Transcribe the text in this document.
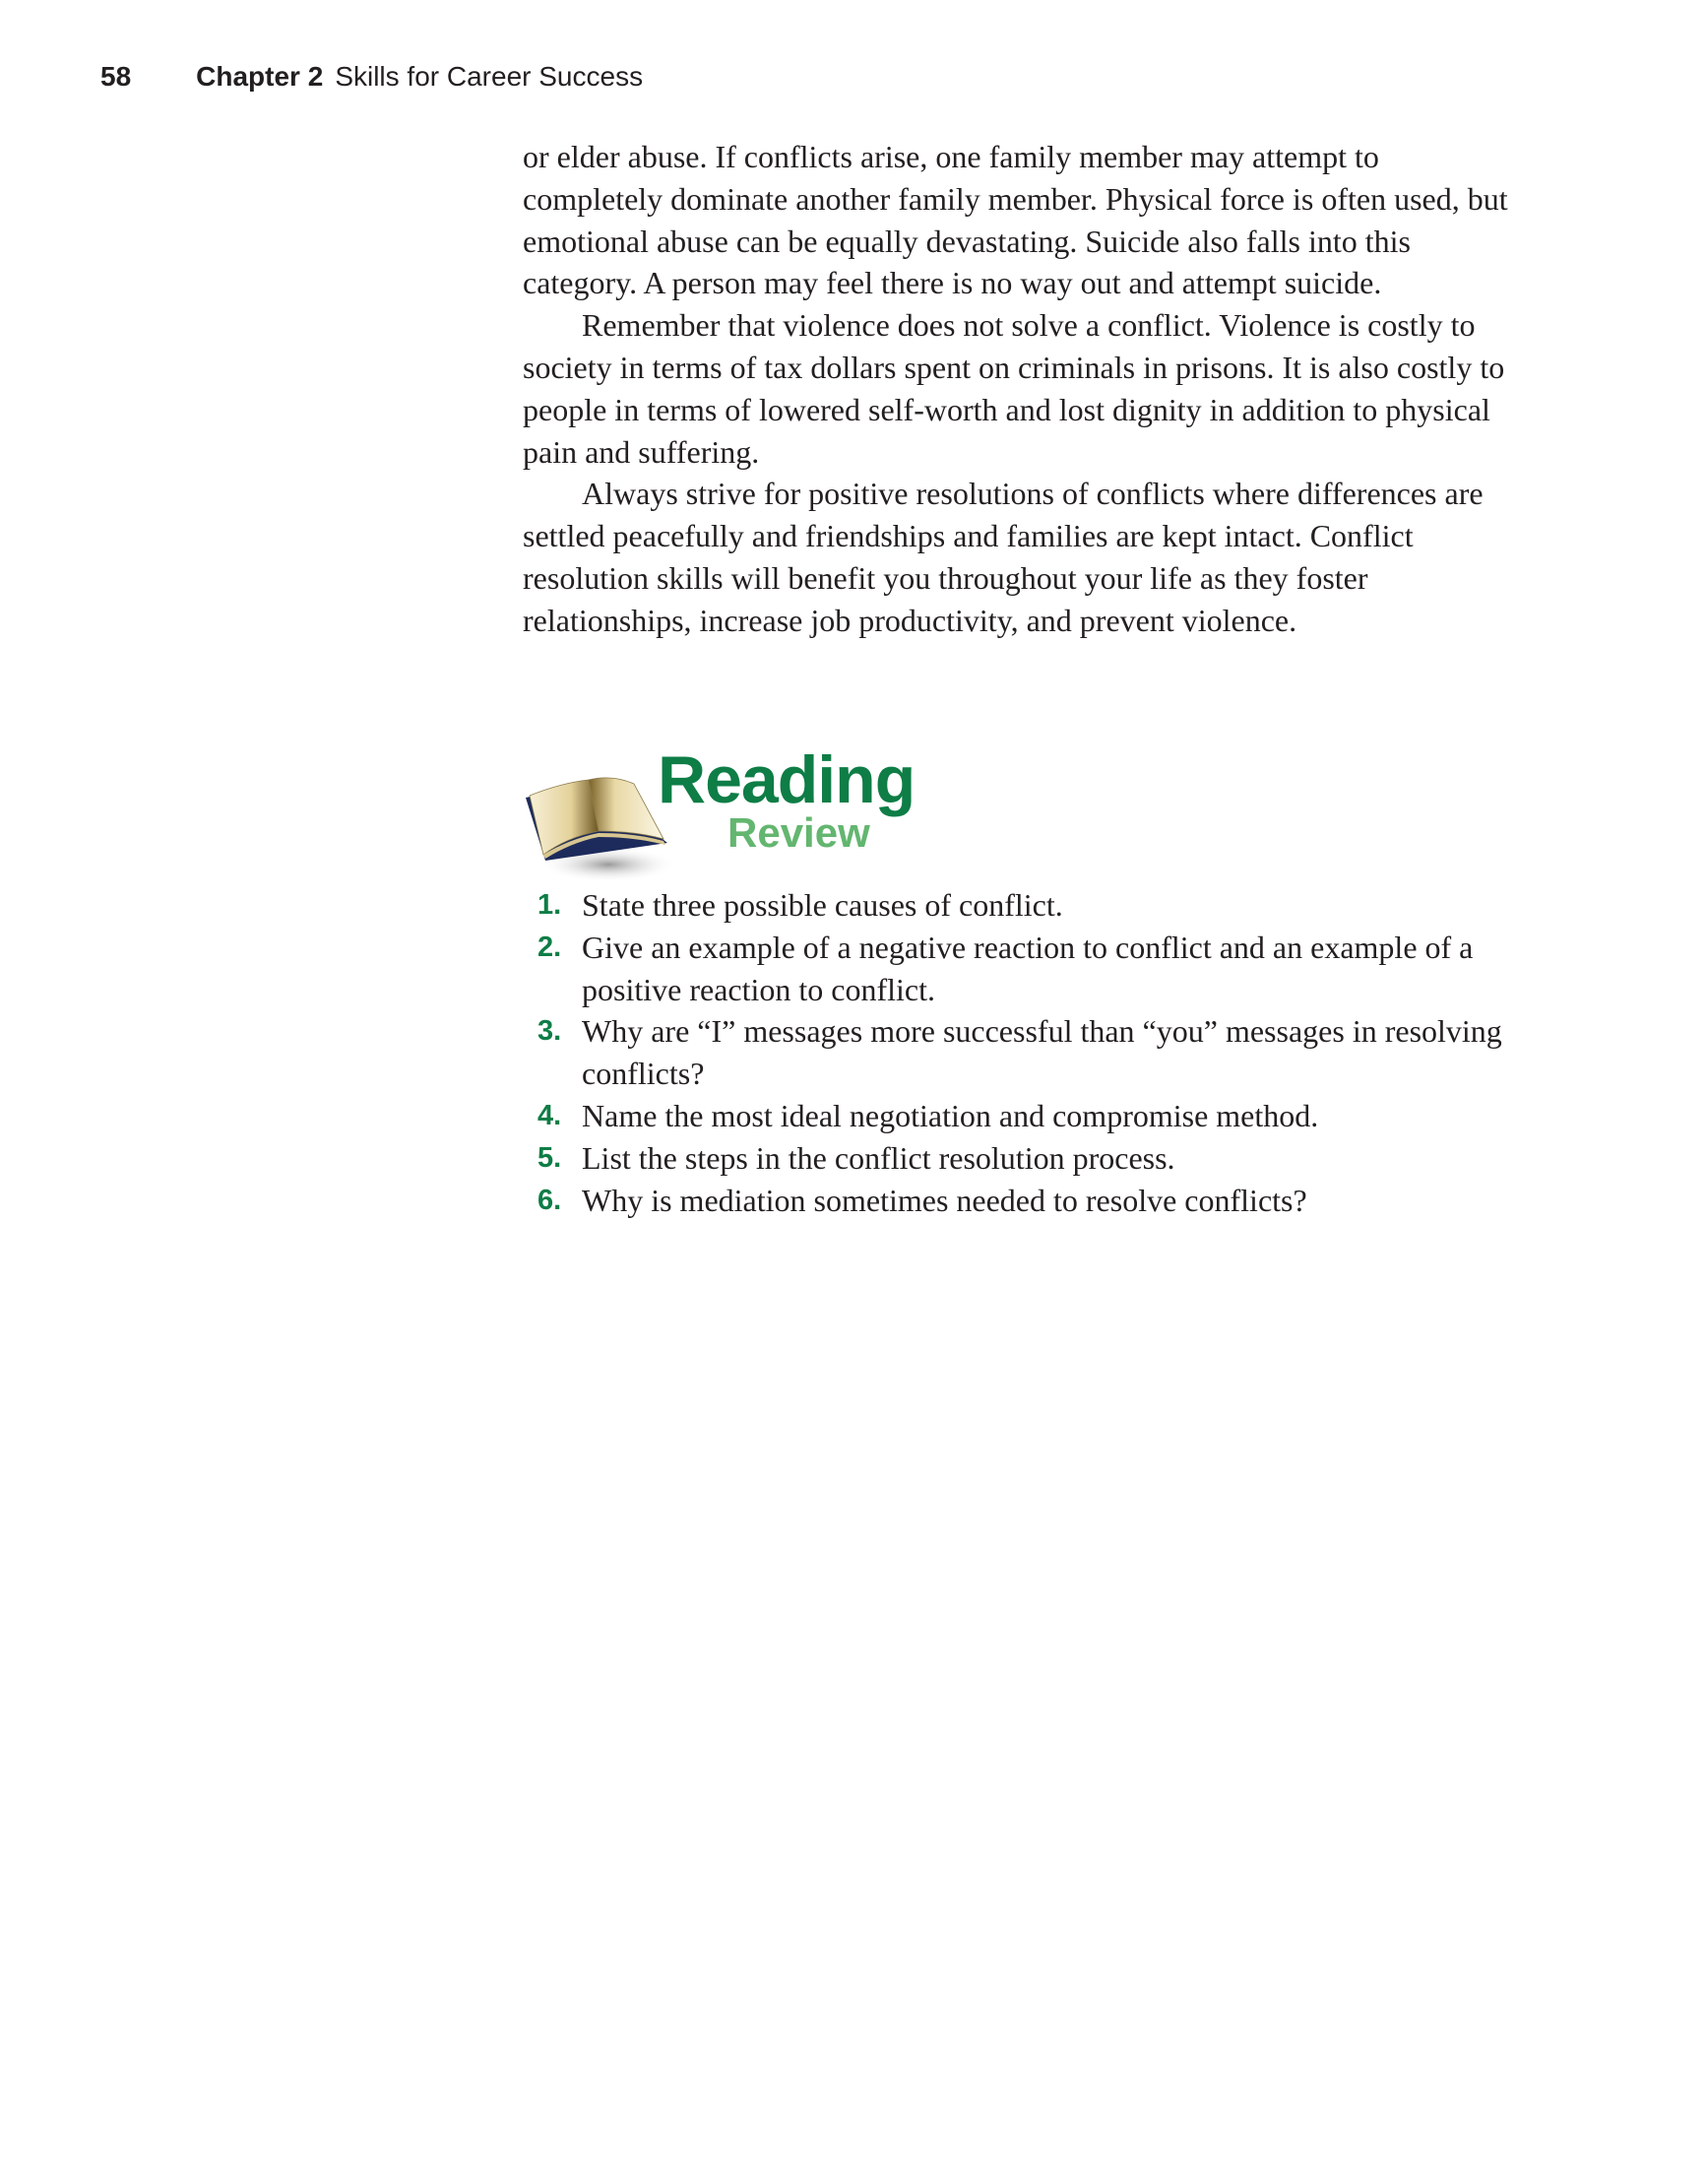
58 Chapter 2 Skills for Career Success

or elder abuse. If conflicts arise, one family member may attempt to completely dominate another family member. Physical force is often used, but emotional abuse can be equally devastating. Suicide also falls into this category. A person may feel there is no way out and attempt suicide.

Remember that violence does not solve a conflict. Violence is costly to society in terms of tax dollars spent on criminals in prisons. It is also costly to people in terms of lowered self-worth and lost dignity in addition to physical pain and suffering.

Always strive for positive resolutions of conflicts where differences are settled peacefully and friendships and families are kept intact. Conflict resolution skills will benefit you throughout your life as they foster relationships, increase job productivity, and prevent violence.

Reading
Review
1. State three possible causes of conflict.
2. Give an example of a negative reaction to conflict and an example of a positive reaction to conflict.
3. Why are “I” messages more successful than “you” messages in resolving conflicts?
4. Name the most ideal negotiation and compromise method.
5. List the steps in the conflict resolution process.
6. Why is mediation sometimes needed to resolve conflicts?
